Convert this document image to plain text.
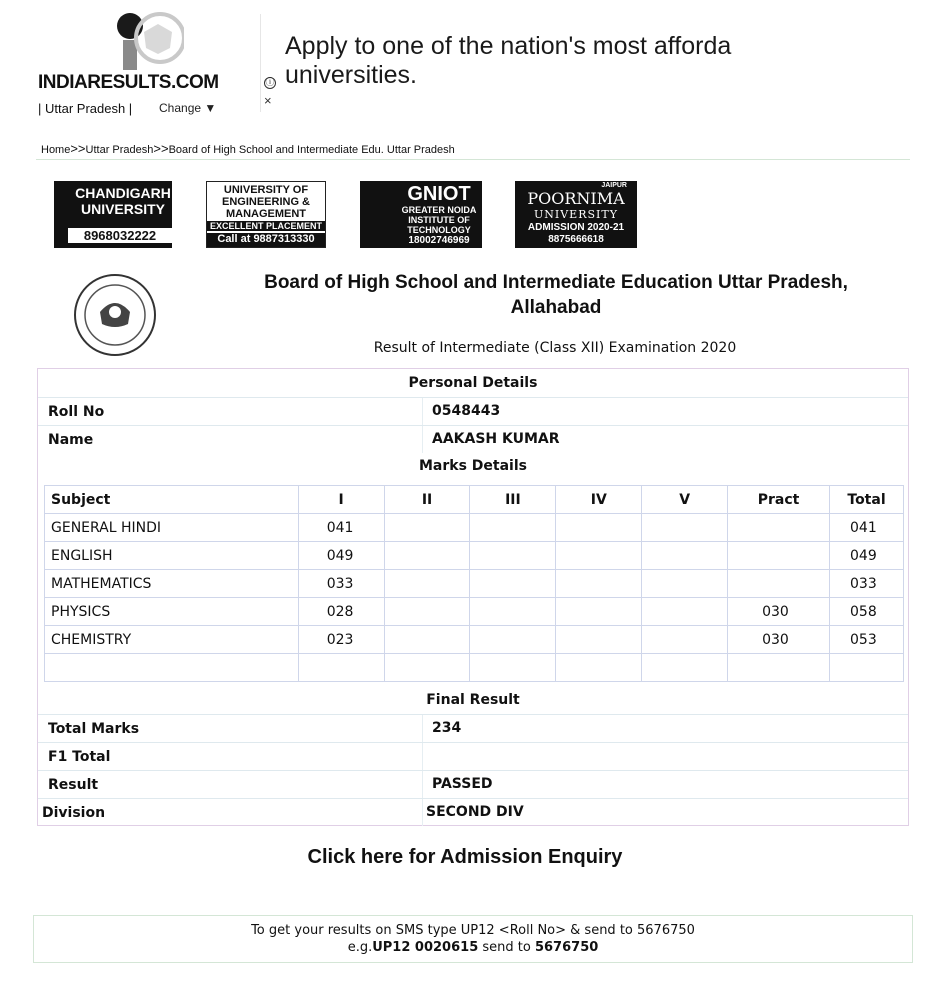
INDIARESULTS.COM
| Uttar Pradesh | Change ▼
Apply to one of the nation's most afforda universities.
ⓘ
×
Home>>Uttar Pradesh>>Board of High School and Intermediate Edu. Uttar Pradesh
CHANDIGARH
UNIVERSITY
8968032222
UNIVERSITY OF
ENGINEERING &
MANAGEMENT
EXCELLENT PLACEMENT
Call at 9887313330
GNIOT
GREATER NOIDA
INSTITUTE OF
TECHNOLOGY
18002746969
JAIPUR
POORNIMA
UNIVERSITY
ADMISSION 2020-21
8875666618
Board of High School and Intermediate Education Uttar Pradesh, Allahabad
Result of Intermediate (Class XII) Examination 2020
Personal Details
Roll No	0548443
Name	AAKASH KUMAR
Marks Details
Subject	I	II	III	IV	V	Pract	Total
GENERAL HINDI	041						041
ENGLISH	049						049
MATHEMATICS	033						033
PHYSICS	028					030	058
CHEMISTRY	023					030	053

Final Result
Total Marks	234
F1 Total
Result	PASSED
Division	SECOND DIV
Click here for Admission Enquiry
To get your results on SMS type UP12 <Roll No> & send to 5676750
e.g.UP12 0020615 send to 5676750
